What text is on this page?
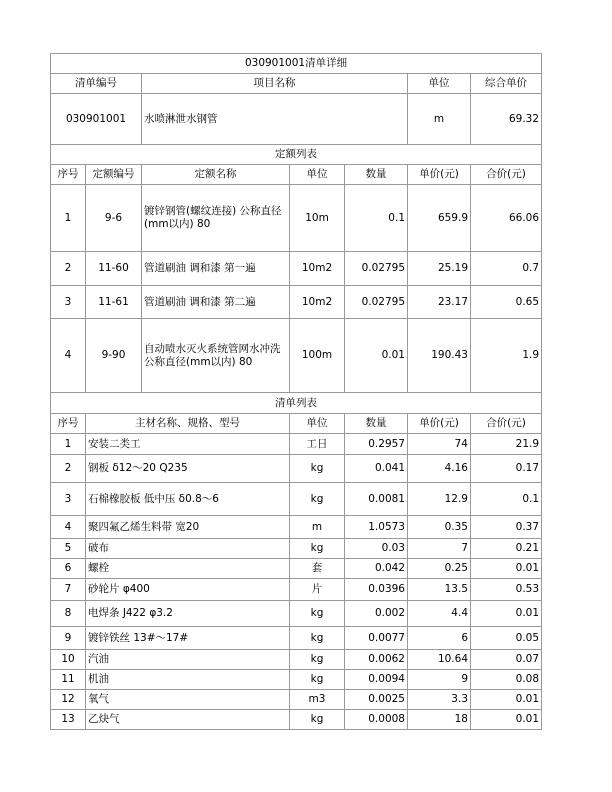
030901001清单详细						
清单编号		项目名称			单位	综合单价
030901001		水喷淋泄水钢管			m	69.32
定额列表						
序号	定额编号	定额名称	单位	数量	单价(元)	合价(元)
1	9-6	镀锌钢管(螺纹连接) 公称直径(mm以内) 80	10m	0.1	659.9	66.06
2	11-60	管道刷油 调和漆 第一遍	10m2	0.02795	25.19	0.7
3	11-61	管道刷油 调和漆 第二遍	10m2	0.02795	23.17	0.65
4	9-90	自动喷水灭火系统管网水冲洗 公称直径(mm以内) 80	100m	0.01	190.43	1.9
清单列表						
序号	主材名称、规格、型号		单位	数量	单价(元)	合价(元)
1	安装二类工		工日	0.2957	74	21.9
2	钢板 δ12～20 Q235		kg	0.041	4.16	0.17
3	石棉橡胶板 低中压 δ0.8～6		kg	0.0081	12.9	0.1
4	聚四氟乙烯生料带 宽20		m	1.0573	0.35	0.37
5	破布		kg	0.03	7	0.21
6	螺栓		套	0.042	0.25	0.01
7	砂轮片 φ400		片	0.0396	13.5	0.53
8	电焊条 J422 φ3.2		kg	0.002	4.4	0.01
9	镀锌铁丝 13#～17#		kg	0.0077	6	0.05
10	汽油		kg	0.0062	10.64	0.07
11	机油		kg	0.0094	9	0.08
12	氧气		m3	0.0025	3.3	0.01
13	乙炔气		kg	0.0008	18	0.01
